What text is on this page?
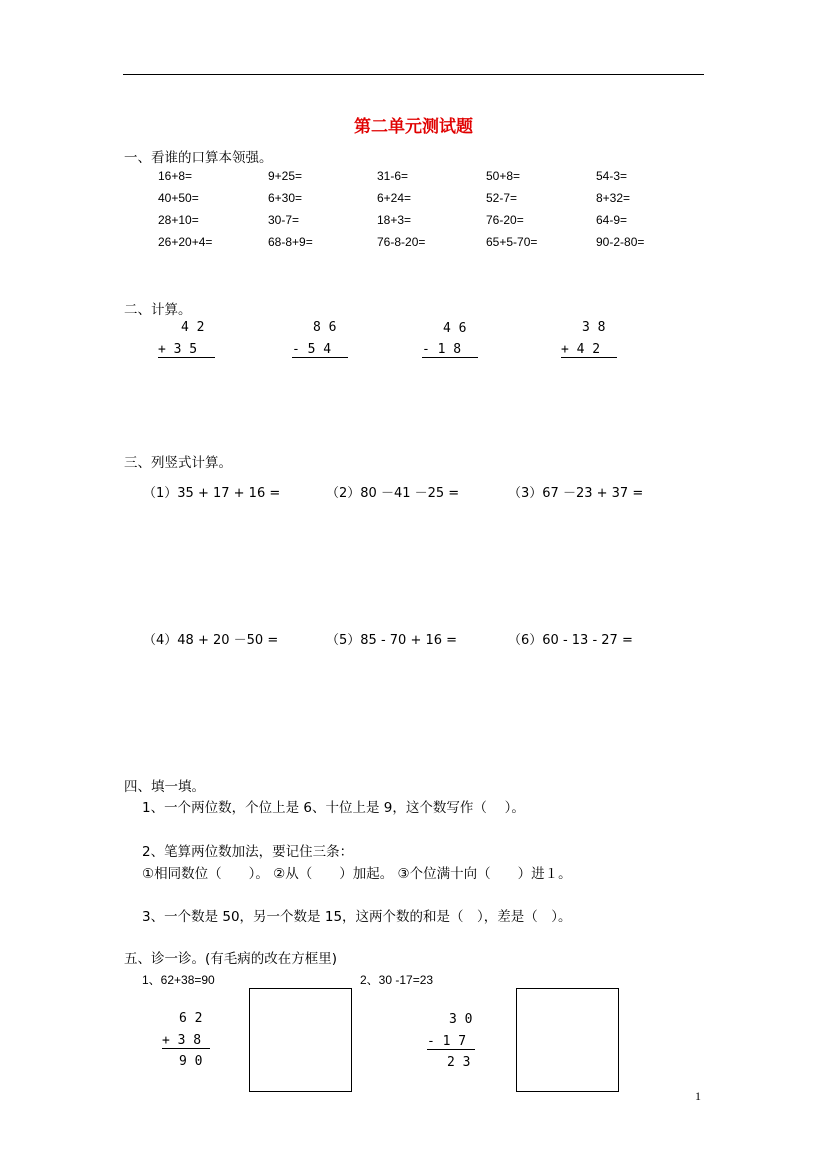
第二单元测试题
一、看谁的口算本领强。
16+8=	9+25=	31-6=	50+8=	54-3=
40+50=	6+30=	6+24=	52-7=	8+32=
28+10=	30-7=	18+3=	76-20=	64-9=
26+20+4=	68-8+9=	76-8-20=	65+5-70=	90-2-80=
二、计算。
4 2
+ 3 5
8 6
- 5 4
4 6
- 1 8
3 8
+ 4 2
三、列竖式计算。
（1）35 + 17 + 16 =	（2）80 －41 －25 =	（3）67 －23 + 37 =
（4）48 + 20 －50 =	（5）85 - 70 + 16 =	（6）60 - 13 - 27 =
四、填一填。
1、一个两位数，个位上是 6、十位上是 9，这个数写作（　 ）。
2、笔算两位数加法，要记住三条：
①相同数位（　　）。 ②从（　　）加起。 ③个位满十向（　　）进１。
3、一个数是 50，另一个数是 15，这两个数的和是（　），差是（　）。
五、诊一诊。(有毛病的改在方框里)
1、62+38=90
6 2
+ 3 8
9 0
2、30 -17=23
3 0
- 1 7
2 3
1
